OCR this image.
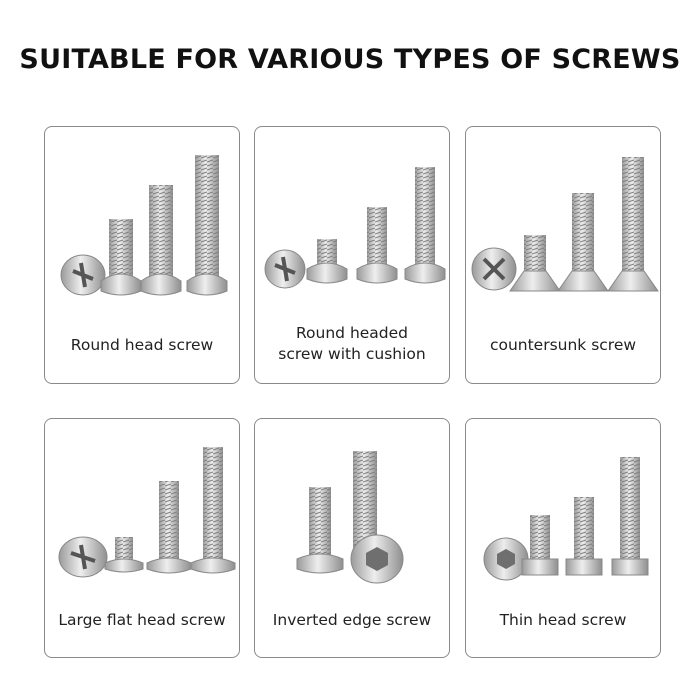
SUITABLE FOR VARIOUS TYPES OF SCREWS
Round head screw
Round headed
screw with cushion	countersunk screw
Large flat head screw	Inverted edge screw	Thin head screw
